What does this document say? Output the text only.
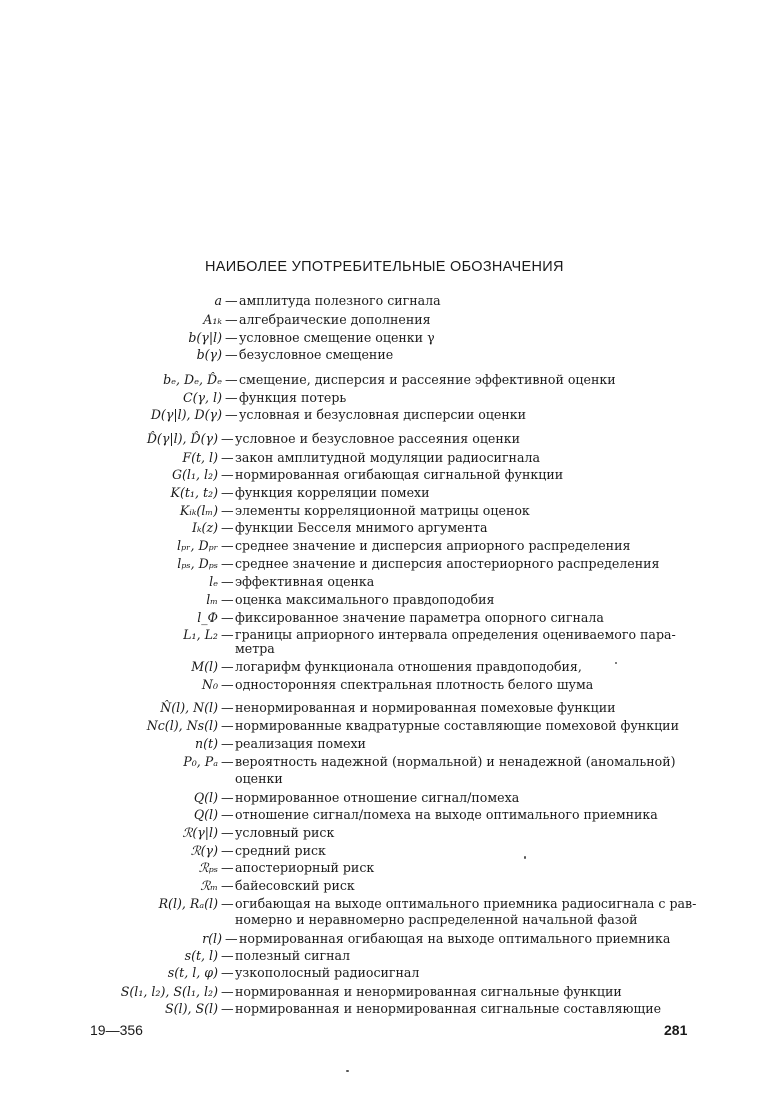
НАИБОЛЕЕ УПОТРЕБИТЕЛЬНЫЕ ОБОЗНАЧЕНИЯ
a — амплитуда полезного сигнала
A₁ₖ — алгебраические дополнения
b(γ|l) — условное смещение оценки γ
b(γ) — безусловное смещение
bₑ, Dₑ, D̂ₑ — смещение, дисперсия и рассеяние эффективной оценки
C(γ, l) — функция потерь
D(γ|l), D(γ) — условная и безусловная дисперсии оценки
D̂(γ|l), D̂(γ) — условное и безусловное рассеяния оценки
F(t, l) — закон амплитудной модуляции радиосигнала
G(l₁, l₂) — нормированная огибающая сигнальной функции
K(t₁, t₂) — функция корреляции помехи
Kᵢₖ(lₘ) — элементы корреляционной матрицы оценок
Iₖ(z) — функции Бесселя мнимого аргумента
lₚᵣ, Dₚᵣ — среднее значение и дисперсия априорного распределения
lₚₛ, Dₚₛ — среднее значение и дисперсия апостериорного распределения
lₑ — эффективная оценка
lₘ — оценка максимального правдоподобия
l_Ф — фиксированное значение параметра опорного сигнала
L₁, L₂ — границы априорного интервала определения оцениваемого пара-
метра
M(l) — логарифм функционала отношения правдоподобия,
N₀ — односторонняя спектральная плотность белого шума
N̂(l), N(l) — ненормированная и нормированная помеховые функции
Nc(l), Ns(l) — нормированные квадратурные составляющие помеховой функции
n(t) — реализация помехи
P₀, Pₐ — вероятность надежной (нормальной) и ненадежной (аномальной)
оценки
Q(l) — нормированное отношение сигнал/помеха
Q(l) — отношение сигнал/помеха на выходе оптимального приемника
ℛ(γ|l) — условный риск
ℛ(γ) — средний риск
ℛₚₛ — апостериорный риск
ℛₘ — байесовский риск
R(l), Rₐ(l) — огибающая на выходе оптимального приемника радиосигнала с рав-
номерно и неравномерно распределенной начальной фазой
r(l) — нормированная огибающая на выходе оптимального приемника
s(t, l) — полезный сигнал
s(t, l, φ) — узкополосный радиосигнал
S(l₁, l₂), S(l₁, l₂) — нормированная и ненормированная сигнальные функции
S(l), S(l) — нормированная и ненормированная сигнальные составляющие
19—356	281
